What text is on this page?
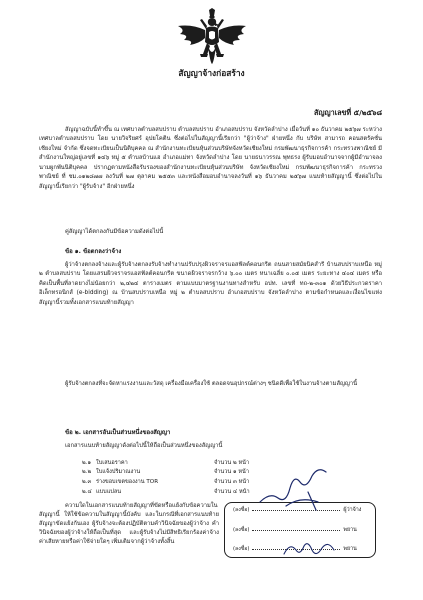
สัญญาจ้างก่อสร้าง
สัญญาเลขที่ ๕/๒๕๖๘

สัญญาฉบับนี้ทำขึ้น ณ เทศบาลตำบลสบปราบ ตำบลสบปราบ อำเภอสบปราบ จังหวัดลำปาง เมื่อวันที่ ๑๐ ธันวาคม ๒๕๖๗ ระหว่าง เทศบาลตำบลสบปราบ โดย นายวิจริยศร์ อุปยโคติน ซึ่งต่อไปในสัญญานี้เรียกว่า "ผู้ว่าจ้าง" ฝ่ายหนึ่ง กับ บริษัท สามารถ คอนสตรัคชั่น เชียงใหม่ จำกัด ซึ่งจดทะเบียนเป็นนิติบุคคล ณ สำนักงานทะเบียนหุ้นส่วนบริษัทจังหวัดเชียงใหม่ กรมพัฒนาธุรกิจการค้า กระทรวงพาณิชย์ มีสำนักงานใหญ่อยู่เลขที่ ๑๔๖ หมู่ ๕ ตำบลบ้านแฮ อำเภอแม่ทา จังหวัดลำปาง โดย นายธนาวรรณ พุทธรง ผู้รับมอบอำนาจจากผู้มีอำนาจลงนามผูกพันนิติบุคคล ปรากฏตามหนังสือรับรองของสำนักงานทะเบียนหุ้นส่วนบริษัท จังหวัดเชียงใหม่ กรมพัฒนาธุรกิจการค้า กระทรวงพาณิชย์ ที่ ชม.๐๑๒๘๗๗ ลงวันที่ ๒๗ ตุลาคม ๒๕๕๓ และหนังสือมอบอำนาจลงวันที่ ๑๖ ธันวาคม ๒๕๖๗ แนบท้ายสัญญานี้ ซึ่งต่อไปในสัญญานี้เรียกว่า "ผู้รับจ้าง" อีกฝ่ายหนึ่ง

คู่สัญญาได้ตกลงกันมีข้อความดังต่อไปนี้

ข้อ ๑. ข้อตกลงว่าจ้าง

ผู้ว่าจ้างตกลงจ้างและผู้รับจ้างตกลงรับจ้างทำงานปรับปรุงผิวจราจรแอสฟัลต์คอนกรีต ถนนสายสมัยนิคสำรี บ้านสบปราบเหนือ หมู่ ๒ ตำบลสบปราบ โดยแสรมผิวจราจรแอสฟัลต์คอนกรีต ขนาดผิวจราจรกว้าง ๖.๐๐ เมตร หนาเฉลี่ย ๐.๐๕ เมตร ระยะทาง ๔๐๔ เมตร หรือคิดเป็นพื้นที่ลาดยางไม่น้อยกว่า ๒,๔๒๔ ตารางเมตร ตามแบบมาตรฐานงานทางสำหรับ อปท. เลขที่ ทถ-๒-๓๐๑ ด้วยวิธีประกวดราคาอิเล็กทรอนิกส์ (e-bidding) ณ บ้านสบปราบเหนือ หมู่ ๒ ตำบลสบปราบ อำเภอสบปราบ จังหวัดลำปาง ตามข้อกำหนดและเงื่อนไขแห่งสัญญานี้รวมทั้งเอกสารแนบท้ายสัญญา

ผู้รับจ้างตกลงที่จะจัดหาแรงงานและวัสดุ เครื่องมือเครื่องใช้ ตลอดจนอุปกรณ์ต่างๆ ชนิดดีเพื่อใช้ในงานจ้างตามสัญญานี้

ข้อ ๒. เอกสารอันเป็นส่วนหนึ่งของสัญญา

เอกสารแนบท้ายสัญญาดังต่อไปนี้ให้ถือเป็นส่วนหนึ่งของสัญญานี้

๒.๑ ใบเสนอราคา	จำนวน ๒ หน้า
๒.๒ ใบแจ้งปริมาณงาน	จำนวน ๑ หน้า
๒.๓ ร่างขอบเขตของงาน TOR	จำนวน ๓ หน้า
๒.๔ แบบแปลน	จำนวน ๔ หน้า

ความใดในเอกสารแนบท้ายสัญญาที่ขัดหรือแย้งกับข้อความในสัญญานี้ ให้ใช้ข้อความในสัญญานี้บังคับ และในกรณีที่เอกสารแนบท้ายสัญญาขัดแย้งกันเอง ผู้รับจ้างจะต้องปฏิบัติตามคำวินิจฉัยของผู้ว่าจ้าง คำวินิจฉัยของผู้ว่าจ้างให้ถือเป็นที่สุด และผู้รับจ้างไม่มีสิทธิเรียกร้องค่าจ้าง ค่าเสียหายหรือค่าใช้จ่ายใดๆ เพิ่มเติมจากผู้ว่าจ้างทั้งสิ้น

(ลงชื่อ)	ผู้ว่าจ้าง
(ลงชื่อ)	พยาน
(ลงชื่อ)	พยาน
